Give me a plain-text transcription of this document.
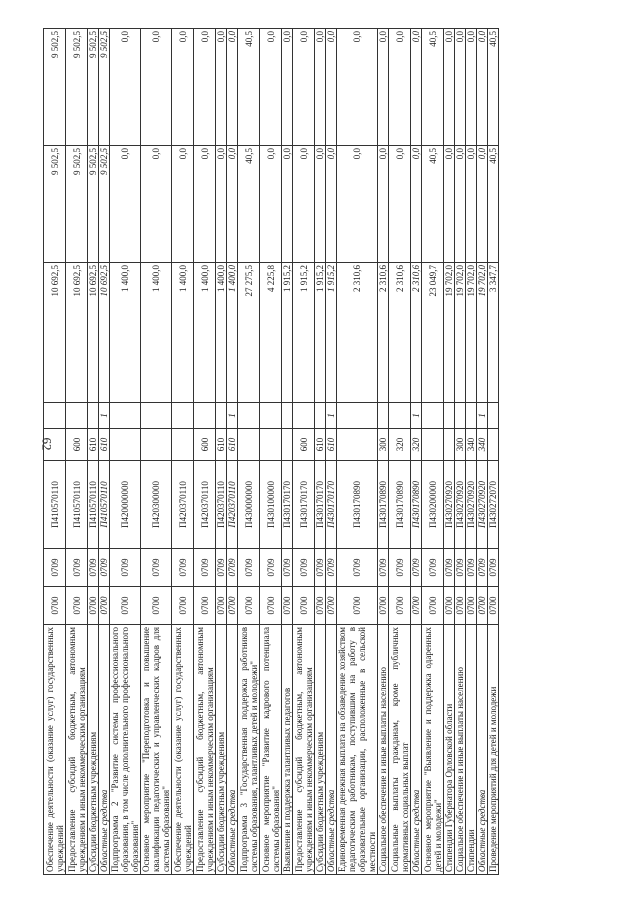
62
Обеспечение деятельности (оказание услуг) государственных учреждений	0700	0709	П410570110			10 692,5	9 502,5	9 502,5
Предоставление субсидий бюджетным, автономным учреждениям и иным некоммерческим организациям	0700	0709	П410570110	600		10 692,5	9 502,5	9 502,5
Субсидии бюджетным учреждениям	0700	0709	П410570110	610		10 692,5	9 502,5	9 502,5
Областные средства	0700	0709	П410570110	610	1	10 692,5	9 502,5	9 502,5
Подпрограмма 2 "Развитие системы профессионального образования, в том числе дополнительного профессионального образования"	0700	0709	П420000000			1 400,0	0,0	0,0
Основное мероприятие "Переподготовка и повышение квалификации педагогических и управленческих кадров для системы образования"	0700	0709	П420300000			1 400,0	0,0	0,0
Обеспечение деятельности (оказание услуг) государственных учреждений	0700	0709	П420370110			1 400,0	0,0	0,0
Предоставление субсидий бюджетным, автономным учреждениям и иным некоммерческим организациям	0700	0709	П420370110	600		1 400,0	0,0	0,0
Субсидии бюджетным учреждениям	0700	0709	П420370110	610		1 400,0	0,0	0,0
Областные средства	0700	0709	П420370110	610	1	1 400,0	0,0	0,0
Подпрограмма 3 "Государственная поддержка работников системы образования, талантливых детей и молодежи"	0700	0709	П430000000			27 275,5	40,5	40,5
Основное мероприятие "Развитие кадрового потенциала системы образования"	0700	0709	П430100000			4 225,8	0,0	0,0
Выявление и поддержка талантливых педагогов	0700	0709	П430170170			1 915,2	0,0	0,0
Предоставление субсидий бюджетным, автономным учреждениям и иным некоммерческим организациям	0700	0709	П430170170	600		1 915,2	0,0	0,0
Субсидии бюджетным учреждениям	0700	0709	П430170170	610		1 915,2	0,0	0,0
Областные средства	0700	0709	П430170170	610	1	1 915,2	0,0	0,0
Единовременная денежная выплата на обзаведение хозяйством педагогическим работникам, поступившим на работу в образовательные организации, расположенные в сельской местности	0700	0709	П430170890			2 310,6	0,0	0,0
Социальное обеспечение и иные выплаты населению	0700	0709	П430170890	300		2 310,6	0,0	0,0
Социальные выплаты гражданам, кроме публичных нормативных социальных выплат	0700	0709	П430170890	320		2 310,6	0,0	0,0
Областные средства	0700	0709	П430170890	320	1	2 310,6	0,0	0,0
Основное мероприятие "Выявление и поддержка одаренных детей и молодежи"	0700	0709	П430200000			23 049,7	40,5	40,5
Стипендии Губернатора Орловской области	0700	0709	П430270920			19 702,0	0,0	0,0
Социальное обеспечение и иные выплаты населению	0700	0709	П430270920	300		19 702,0	0,0	0,0
Стипендии	0700	0709	П430270920	340		19 702,0	0,0	0,0
Областные средства	0700	0709	П430270920	340	1	19 702,0	0,0	0,0
Проведение мероприятий для детей и молодежи	0700	0709	П430272070			3 347,7	40,5	40,5
